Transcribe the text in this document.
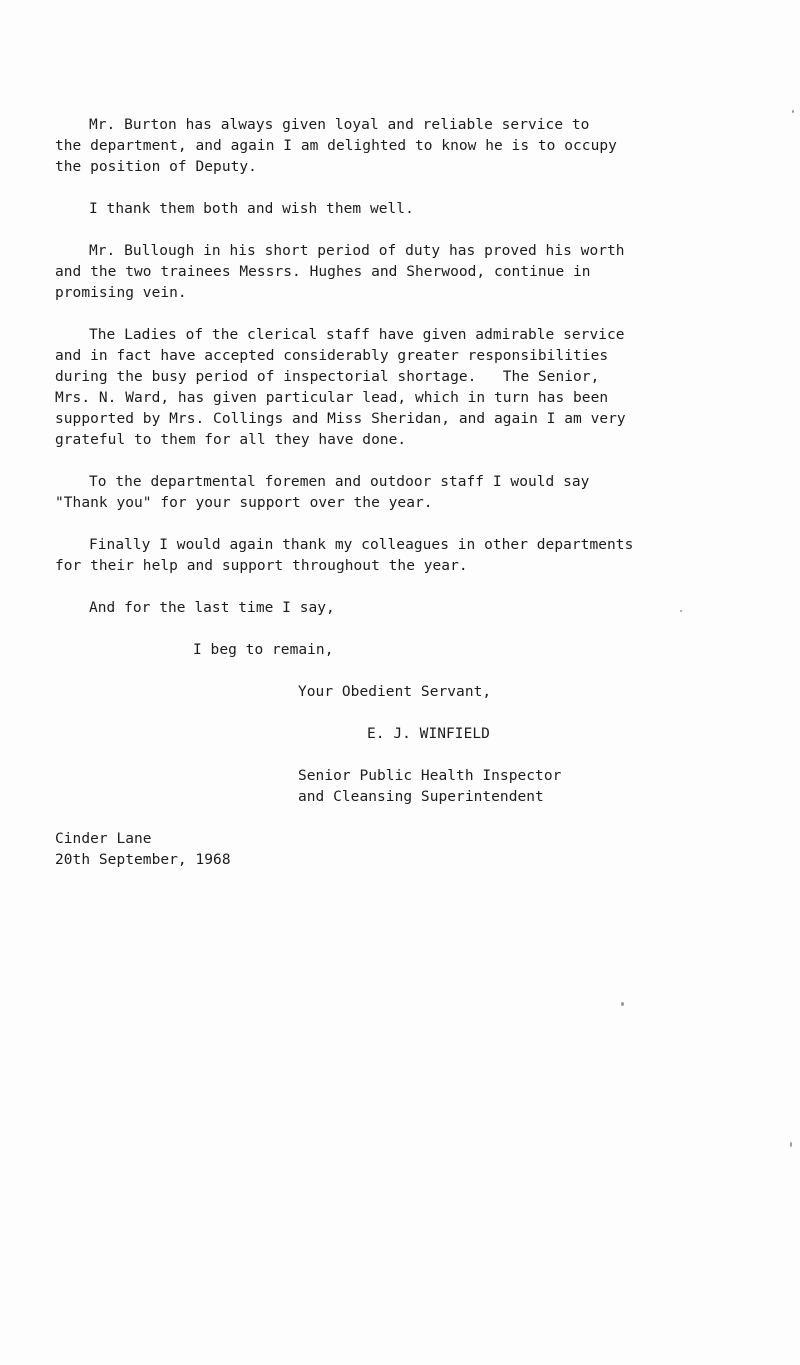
Mr. Burton has always given loyal and reliable service to
the department, and again I am delighted to know he is to occupy
the position of Deputy.
I thank them both and wish them well.
Mr. Bullough in his short period of duty has proved his worth
and the two trainees Messrs. Hughes and Sherwood, continue in
promising vein.
The Ladies of the clerical staff have given admirable service
and in fact have accepted considerably greater responsibilities
during the busy period of inspectorial shortage.   The Senior,
Mrs. N. Ward, has given particular lead, which in turn has been
supported by Mrs. Collings and Miss Sheridan, and again I am very
grateful to them for all they have done.
To the departmental foremen and outdoor staff I would say
"Thank you" for your support over the year.
Finally I would again thank my colleagues in other departments
for their help and support throughout the year.
And for the last time I say,
I beg to remain,
Your Obedient Servant,
E. J. WINFIELD
Senior Public Health Inspector
and Cleansing Superintendent
Cinder Lane
20th September, 1968
